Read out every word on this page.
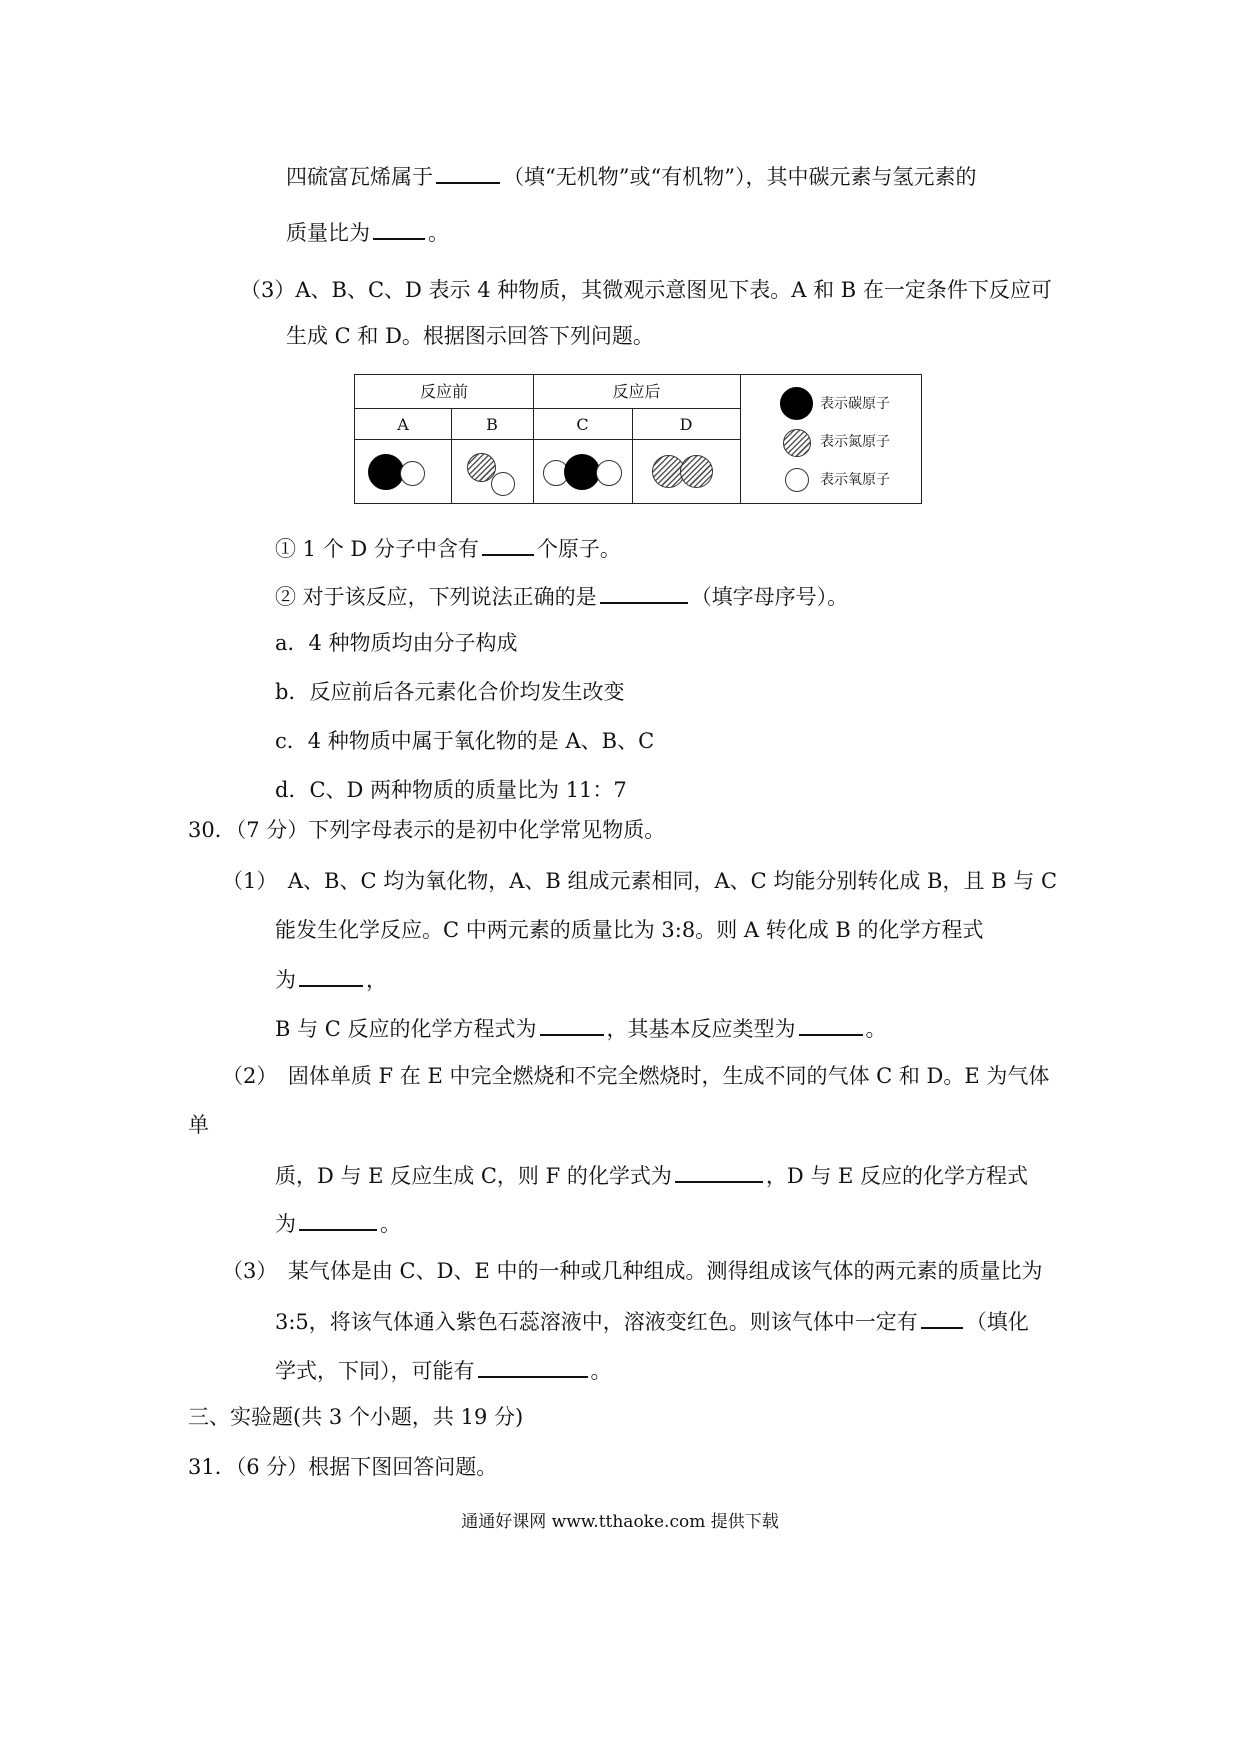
四硫富瓦烯属于	（填“无机物”或“有机物”），其中碳元素与氢元素的
质量比为	。
（3）A、B、C、D 表示 4 种物质，其微观示意图见下表。A 和 B 在一定条件下反应可
生成 C 和 D。根据图示回答下列问题。
反应前	反应后
A	B	C	D
表示碳原子
表示氮原子
表示氧原子
① 1 个 D 分子中含有	个原子。
② 对于该反应，下列说法正确的是	（填字母序号）。
a．4 种物质均由分子构成
b．反应前后各元素化合价均发生改变
c．4 种物质中属于氧化物的是 A、B、C
d．C、D 两种物质的质量比为 11：7
30．（7 分）下列字母表示的是初中化学常见物质。
（1）　A、B、C 均为氧化物，A、B 组成元素相同，A、C 均能分别转化成 B，且 B 与 C
能发生化学反应。C 中两元素的质量比为 3:8。则 A 转化成 B 的化学方程式
为	，
B 与 C 反应的化学方程式为	，其基本反应类型为	。
（2）　固体单质 F 在 E 中完全燃烧和不完全燃烧时，生成不同的气体 C 和 D。E 为气体
单
质，D 与 E 反应生成 C，则 F 的化学式为	，D 与 E 反应的化学方程式
为	。
（3）　某气体是由 C、D、E 中的一种或几种组成。测得组成该气体的两元素的质量比为
3:5，将该气体通入紫色石蕊溶液中，溶液变红色。则该气体中一定有 （填化
学式，下同），可能有	。
三、实验题(共 3 个小题，共 19 分)
31．（6 分）根据下图回答问题。
通通好课网 www.tthaoke.com 提供下载
